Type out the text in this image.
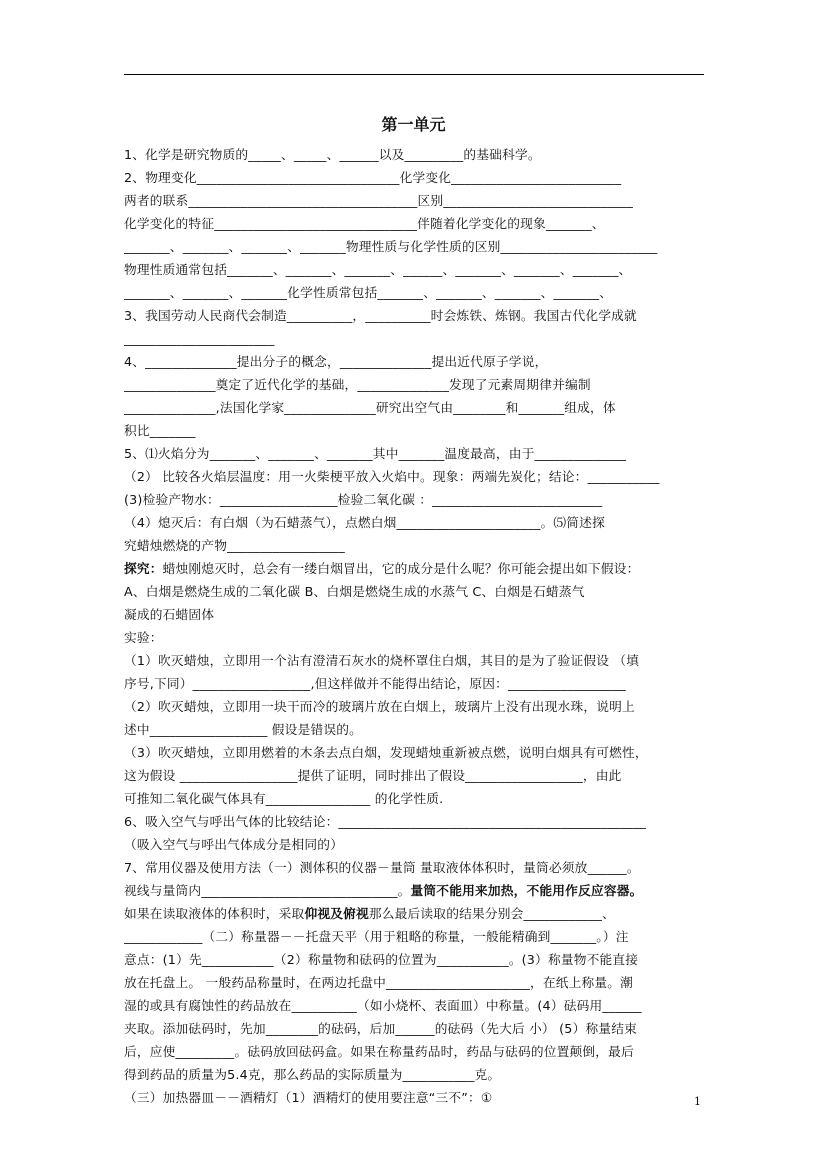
第一单元
1、化学是研究物质的_____、_____、______以及_________的基础科学。
2、物理变化_______________________________化学变化__________________________
两者的联系___________________________________区别_____________________________
化学变化的特征_______________________________伴随着化学变化的现象_______、
_______、_______、_______、_______物理性质与化学性质的区别________________________
物理性质通常包括_______、_______、_______、______、_______、_______、_______、
_______、_______、_______化学性质常包括_______、_______、_______、_______、
3、我国劳动人民商代会制造__________，__________时会炼铁、炼钢。我国古代化学成就
_______________________
4、______________提出分子的概念，______________提出近代原子学说，
______________奠定了近代化学的基础，______________发现了元素周期律并编制
______________,法国化学家______________研究出空气由________和_______组成，体
积比_______
5、⑴火焰分为_______、_______、_______其中_______温度最高，由于______________
（2） 比较各火焰层温度：用一火柴梗平放入火焰中。现象：两端先炭化；结论：___________
(3)检验产物水：__________________检验二氧化碳 ：__________________________
（4）熄灭后：有白烟（为石蜡蒸气），点燃白烟______________________。⑸简述探
究蜡烛燃烧的产物__________________
探究：蜡烛刚熄灭时，总会有一缕白烟冒出，它的成分是什么呢？你可能会提出如下假设：
A、白烟是燃烧生成的二氧化碳 B、白烟是燃烧生成的水蒸气 C、白烟是石蜡蒸气
凝成的石蜡固体
实验：
（1）吹灭蜡烛，立即用一个沾有澄清石灰水的烧杯罩住白烟，其目的是为了验证假设 （填
序号,下同）__________________,但这样做并不能得出结论，原因：__________________
（2）吹灭蜡烛，立即用一块干而冷的玻璃片放在白烟上，玻璃片上没有出现水珠，说明上
述中__________________ 假设是错误的。
（3）吹灭蜡烛，立即用燃着的木条去点白烟，发现蜡烛重新被点燃，说明白烟具有可燃性，
这为假设 __________________提供了证明，同时排出了假设__________________，由此
可推知二氧化碳气体具有________________ 的化学性质.
6、吸入空气与呼出气体的比较结论：_______________________________________________
（吸入空气与呼出气体成分是相同的）
7、常用仪器及使用方法（一）测体积的仪器－量筒 量取液体体积时，量筒必须放______。
视线与量筒内______________________________。量筒不能用来加热，不能用作反应容器。
如果在读取液体的体积时，采取仰视及俯视那么最后读取的结果分别会____________、
____________（二）称量器－－托盘天平（用于粗略的称量，一般能精确到_______。）注
意点：(1）先___________（2）称量物和砝码的位置为___________。(3）称量物不能直接
放在托盘上。 一般药品称量时，在两边托盘中______________________，在纸上称量。潮
湿的或具有腐蚀性的药品放在__________（如小烧杯、表面皿）中称量。(4）砝码用______
夹取。添加砝码时，先加________的砝码，后加______的砝码（先大后 小） (5）称量结束
后，应使_________。砝码放回砝码盒。如果在称量药品时，药品与砝码的位置颠倒，最后
得到药品的质量为5.4克，那么药品的实际质量为___________克。
（三）加热器皿－－酒精灯（1）酒精灯的使用要注意“三不”：①	1
